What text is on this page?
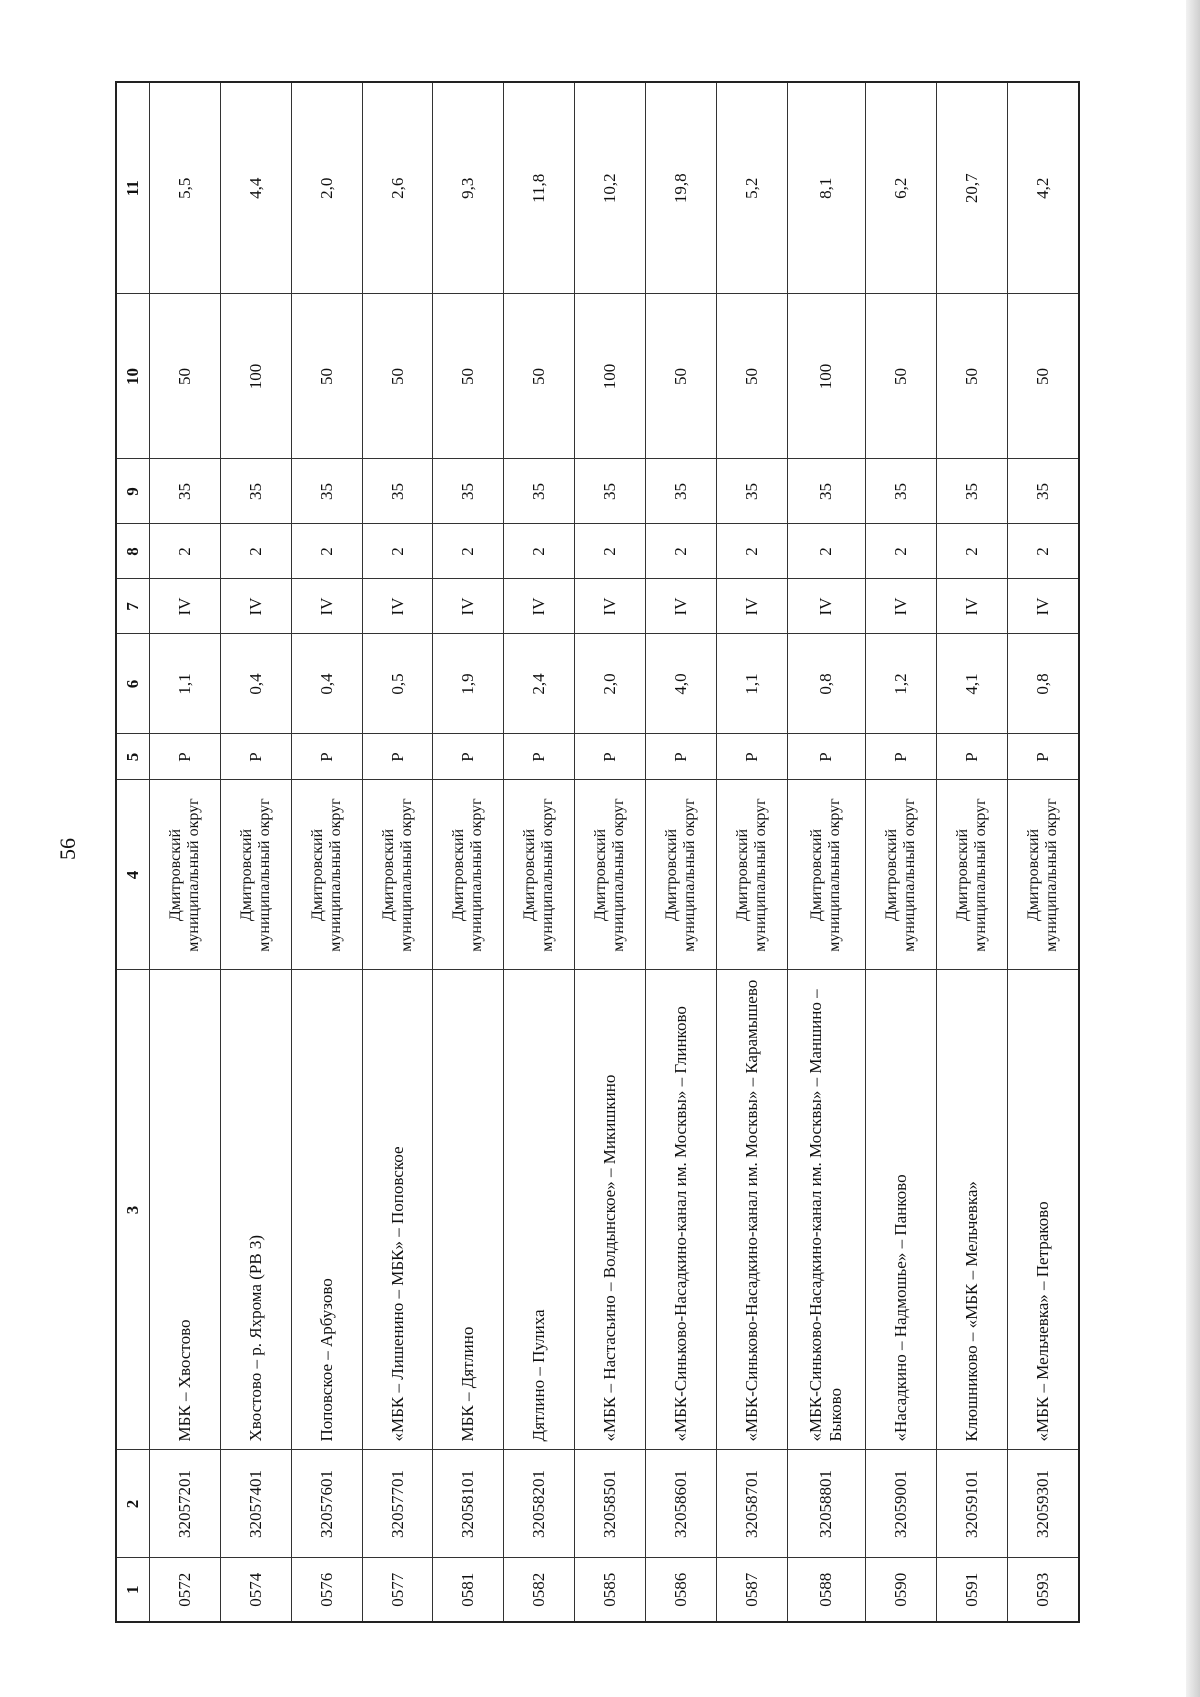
56
1	2	3	4	5	6	7	8	9	10	11
0572	32057201	МБК – Хвостово	Дмитровский муниципальный округ	Р	1,1	IV	2	35	50	5,5
0574	32057401	Хвостово – р. Яхрома (РВ 3)	Дмитровский муниципальный округ	Р	0,4	IV	2	35	100	4,4
0576	32057601	Поповское – Арбузово	Дмитровский муниципальный округ	Р	0,4	IV	2	35	50	2,0
0577	32057701	«МБК – Лишенино – МБК» – Поповское	Дмитровский муниципальный округ	Р	0,5	IV	2	35	50	2,6
0581	32058101	МБК – Дятлино	Дмитровский муниципальный округ	Р	1,9	IV	2	35	50	9,3
0582	32058201	Дятлино – Пулиха	Дмитровский муниципальный округ	Р	2,4	IV	2	35	50	11,8
0585	32058501	«МБК – Настасьино – Волдынское» – Микишкино	Дмитровский муниципальный округ	Р	2,0	IV	2	35	100	10,2
0586	32058601	«МБК-Синьково-Насадкино-канал им. Москвы» – Глинково	Дмитровский муниципальный округ	Р	4,0	IV	2	35	50	19,8
0587	32058701	«МБК-Синьково-Насадкино-канал им. Москвы» – Карамышево	Дмитровский муниципальный округ	Р	1,1	IV	2	35	50	5,2
0588	32058801	«МБК-Синьково-Насадкино-канал им. Москвы» – Маншино – Быково	Дмитровский муниципальный округ	Р	0,8	IV	2	35	100	8,1
0590	32059001	«Насадкино – Надмошье» – Панково	Дмитровский муниципальный округ	Р	1,2	IV	2	35	50	6,2
0591	32059101	Клюшниково – «МБК – Мельчевка»	Дмитровский муниципальный округ	Р	4,1	IV	2	35	50	20,7
0593	32059301	«МБК – Мельчевка» – Петраково	Дмитровский муниципальный округ	Р	0,8	IV	2	35	50	4,2
